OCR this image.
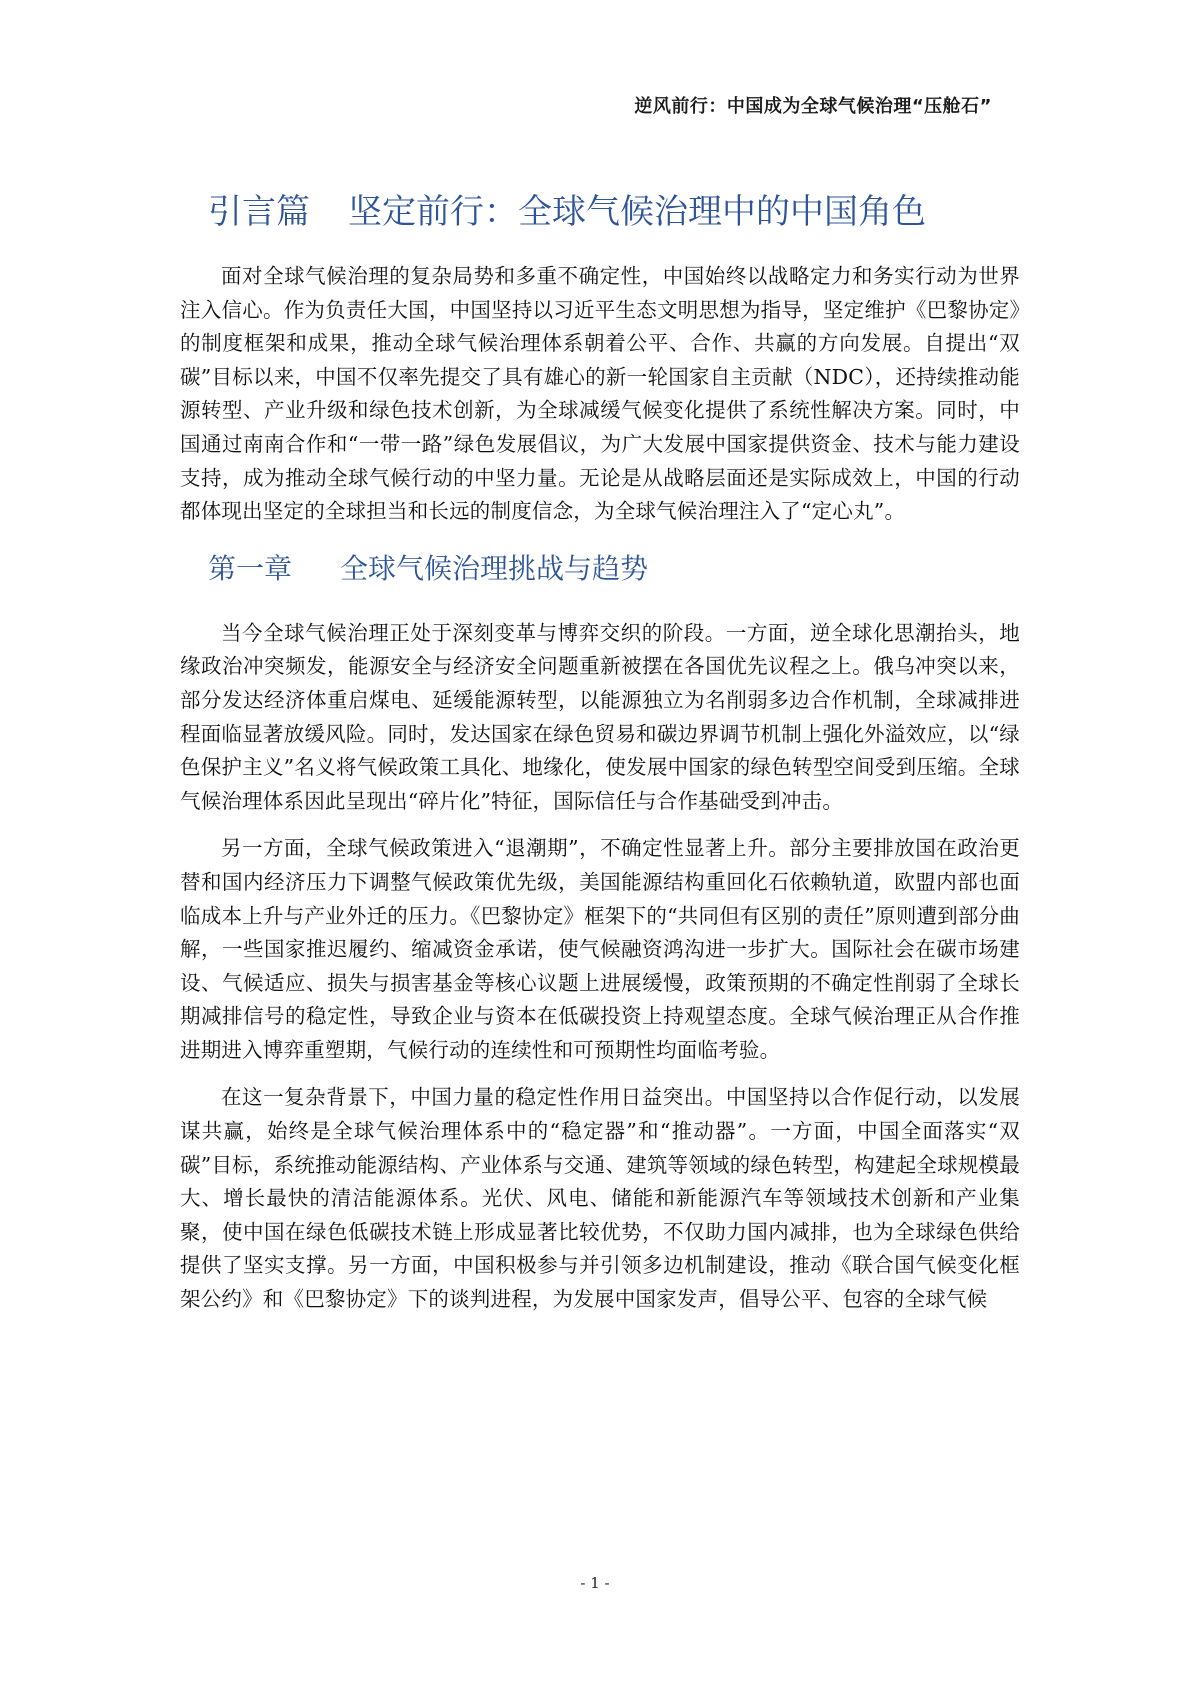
逆风前行：中国成为全球气候治理“压舱石”
引言篇 坚定前行：全球气候治理中的中国角色

面对全球气候治理的复杂局势和多重不确定性，中国始终以战略定力和务实行动为世界注入信心。作为负责任大国，中国坚持以习近平生态文明思想为指导，坚定维护《巴黎协定》的制度框架和成果，推动全球气候治理体系朝着公平、合作、共赢的方向发展。自提出“双碳”目标以来，中国不仅率先提交了具有雄心的新一轮国家自主贡献（NDC），还持续推动能源转型、产业升级和绿色技术创新，为全球减缓气候变化提供了系统性解决方案。同时，中国通过南南合作和“一带一路”绿色发展倡议，为广大发展中国家提供资金、技术与能力建设支持，成为推动全球气候行动的中坚力量。无论是从战略层面还是实际成效上，中国的行动都体现出坚定的全球担当和长远的制度信念，为全球气候治理注入了“定心丸”。

第一章 全球气候治理挑战与趋势

当今全球气候治理正处于深刻变革与博弈交织的阶段。一方面，逆全球化思潮抬头，地缘政治冲突频发，能源安全与经济安全问题重新被摆在各国优先议程之上。俄乌冲突以来，部分发达经济体重启煤电、延缓能源转型，以能源独立为名削弱多边合作机制，全球减排进程面临显著放缓风险。同时，发达国家在绿色贸易和碳边界调节机制上强化外溢效应，以“绿色保护主义”名义将气候政策工具化、地缘化，使发展中国家的绿色转型空间受到压缩。全球气候治理体系因此呈现出“碎片化”特征，国际信任与合作基础受到冲击。

另一方面，全球气候政策进入“退潮期”，不确定性显著上升。部分主要排放国在政治更替和国内经济压力下调整气候政策优先级，美国能源结构重回化石依赖轨道，欧盟内部也面临成本上升与产业外迁的压力。《巴黎协定》框架下的“共同但有区别的责任”原则遭到部分曲解，一些国家推迟履约、缩减资金承诺，使气候融资鸿沟进一步扩大。国际社会在碳市场建设、气候适应、损失与损害基金等核心议题上进展缓慢，政策预期的不确定性削弱了全球长期减排信号的稳定性，导致企业与资本在低碳投资上持观望态度。全球气候治理正从合作推进期进入博弈重塑期，气候行动的连续性和可预期性均面临考验。

在这一复杂背景下，中国力量的稳定性作用日益突出。中国坚持以合作促行动，以发展谋共赢，始终是全球气候治理体系中的“稳定器”和“推动器”。一方面，中国全面落实“双碳”目标，系统推动能源结构、产业体系与交通、建筑等领域的绿色转型，构建起全球规模最大、增长最快的清洁能源体系。光伏、风电、储能和新能源汽车等领域技术创新和产业集聚，使中国在绿色低碳技术链上形成显著比较优势，不仅助力国内减排，也为全球绿色供给提供了坚实支撑。另一方面，中国积极参与并引领多边机制建设，推动《联合国气候变化框架公约》和《巴黎协定》下的谈判进程，为发展中国家发声，倡导公平、包容的全球气候

- 1 -
